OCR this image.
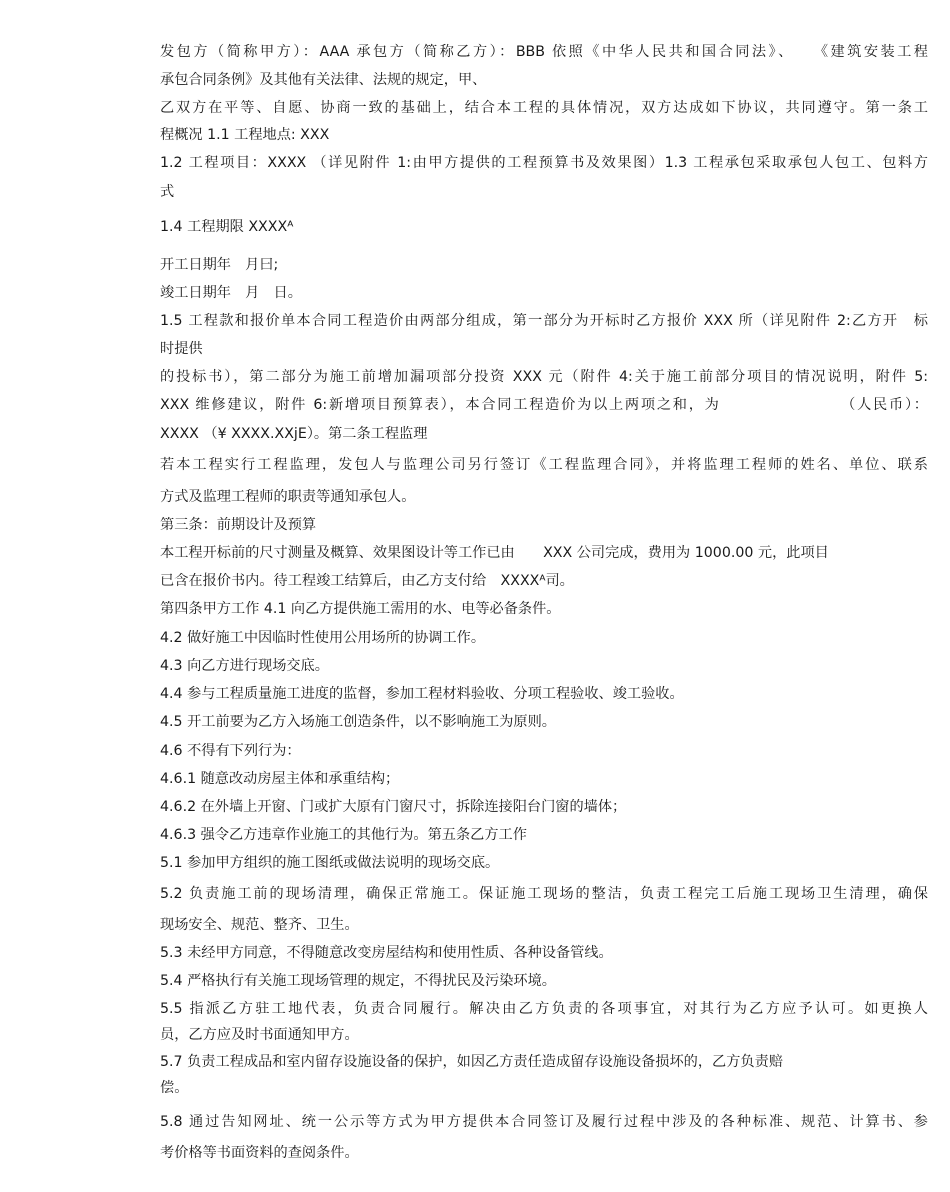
发包方（简称甲方）：AAA 承包方（简称乙方）：BBB 依照《中华人民共和国合同法》、　　《建筑安装工程
承包合同条例》及其他有关法律、法规的规定，甲、
乙双方在平等、自愿、协商一致的基础上，结合本工程的具体情况，双方达成如下协议，共同遵守。第一条工
程概况 1.1 工程地点: XXX
1.2 工程项目：XXXX （详见附件 1:由甲方提供的工程预算书及效果图）1.3 工程承包采取承包人包工、包料方
式
1.4 工程期限 XXXXᴬ
开工日期年　月曰;
竣工日期年　月　日。
1.5 工程款和报价单本合同工程造价由两部分组成，第一部分为开标时乙方报价 XXX 所（详见附件 2:乙方开　标
时提供
的投标书），第二部分为施工前增加漏项部分投资 XXX 元（附件 4:关于施工前部分项目的情况说明，附件 5:
XXX 维修建议，附件 6:新增项目预算表），本合同工程造价为以上两项之和，为　　　　　　　　（人民币）：
XXXX （¥ XXXX.XXjE）。第二条工程监理
若本工程实行工程监理，发包人与监理公司另行签订《工程监理合同》，并将监理工程师的姓名、单位、联系
方式及监理工程师的职责等通知承包人。
第三条：前期设计及预算
本工程开标前的尺寸测量及概算、效果图设计等工作已由　　XXX 公司完成，费用为 1000.00 元，此项目
已含在报价书内。待工程竣工结算后，由乙方支付给　XXXXᴬ司。
第四条甲方工作 4.1 向乙方提供施工需用的水、电等必备条件。
4.2 做好施工中因临时性使用公用场所的协调工作。
4.3 向乙方进行现场交底。
4.4 参与工程质量施工进度的监督，参加工程材料验收、分项工程验收、竣工验收。
4.5 开工前要为乙方入场施工创造条件，以不影响施工为原则。
4.6 不得有下列行为：
4.6.1 随意改动房屋主体和承重结构；
4.6.2 在外墙上开窗、门或扩大原有门窗尺寸，拆除连接阳台门窗的墙体；
4.6.3 强令乙方违章作业施工的其他行为。第五条乙方工作
5.1 参加甲方组织的施工图纸或做法说明的现场交底。
5.2 负责施工前的现场清理，确保正常施工。保证施工现场的整洁，负责工程完工后施工现场卫生清理，确保
现场安全、规范、整齐、卫生。
5.3 未经甲方同意，不得随意改变房屋结构和使用性质、各种设备管线。
5.4 严格执行有关施工现场管理的规定，不得扰民及污染环境。
5.5 指派乙方驻工地代表，负责合同履行。解决由乙方负责的各项事宜，对其行为乙方应予认可。如更换人
员，乙方应及时书面通知甲方。
5.7 负责工程成品和室内留存设施设备的保护，如因乙方责任造成留存设施设备损坏的，乙方负责赔
偿。
5.8 通过告知网址、统一公示等方式为甲方提供本合同签订及履行过程中涉及的各种标准、规范、计算书、参
考价格等书面资料的查阅条件。
